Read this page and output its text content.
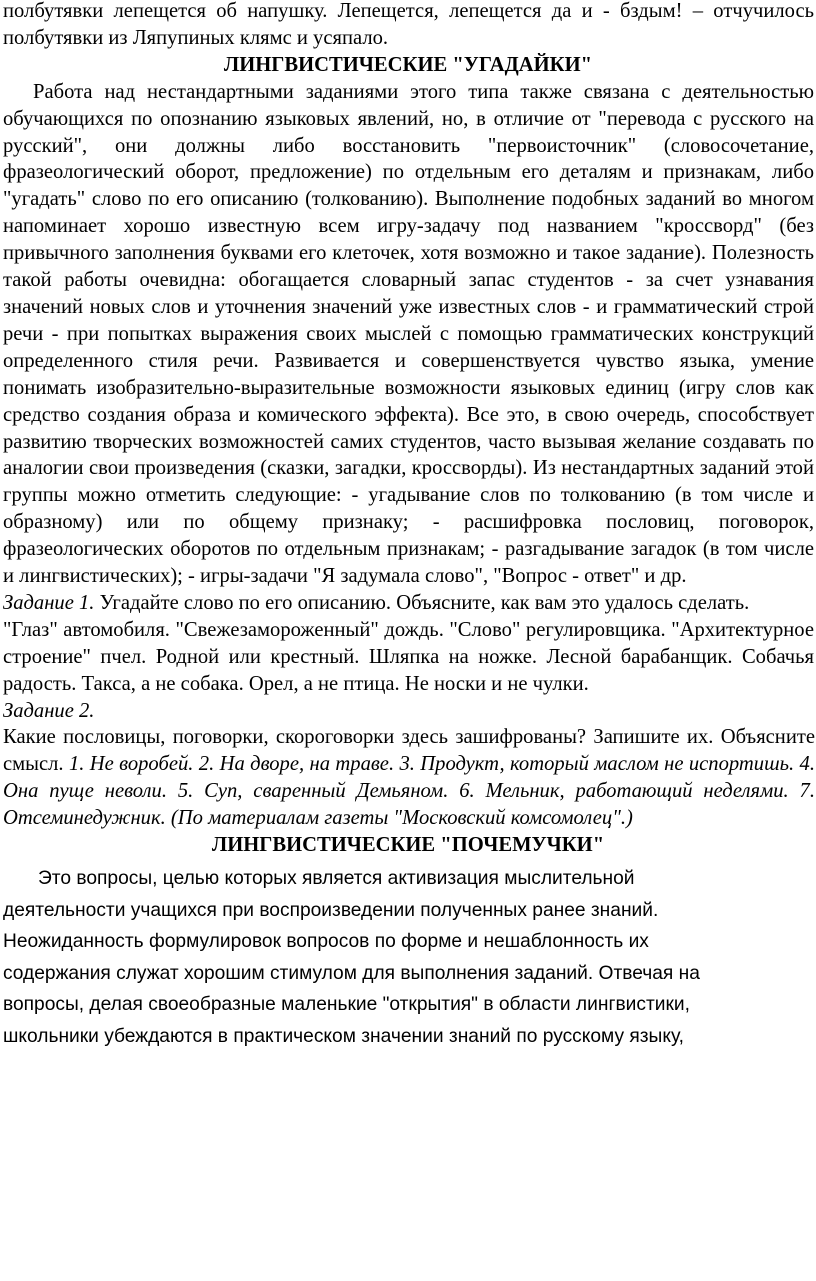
полбутявки лепещется об напушку. Лепещется, лепещется да и - бздым! – отчучилось полбутявки из Ляпупиных клямс и усяпало.

ЛИНГВИСТИЧЕСКИЕ "УГАДАЙКИ"

Работа над нестандартными заданиями этого типа также связана с деятельностью обучающихся по опознанию языковых явлений, но, в отличие от "перевода с русского на русский", они должны либо восстановить "первоисточник" (словосочетание, фразеологический оборот, предложение) по отдельным его деталям и признакам, либо "угадать" слово по его описанию (толкованию). Выполнение подобных заданий во многом напоминает хорошо известную всем игру-задачу под названием "кроссворд" (без привычного заполнения буквами его клеточек, хотя возможно и такое задание). Полезность такой работы очевидна: обогащается словарный запас студентов - за счет узнавания значений новых слов и уточнения значений уже известных слов - и грамматический строй речи - при попытках выражения своих мыслей с помощью грамматических конструкций определенного стиля речи. Развивается и совершенствуется чувство языка, умение понимать изобразительно-выразительные возможности языковых единиц (игру слов как средство создания образа и комического эффекта). Все это, в свою очередь, способствует развитию творческих возможностей самих студентов, часто вызывая желание создавать по аналогии свои произведения (сказки, загадки, кроссворды). Из нестандартных заданий этой группы можно отметить следующие: - угадывание слов по толкованию (в том числе и образному) или по общему признаку; - расшифровка пословиц, поговорок, фразеологических оборотов по отдельным признакам; - разгадывание загадок (в том числе и лингвистических); - игры-задачи "Я задумала слово", "Вопрос - ответ" и др.

Задание 1. Угадайте слово по его описанию. Объясните, как вам это удалось сделать.

"Глаз" автомобиля. "Свежезамороженный" дождь. "Слово" регулировщика. "Архитектурное строение" пчел. Родной или крестный. Шляпка на ножке. Лесной барабанщик. Собачья радость. Такса, а не собака. Орел, а не птица. Не носки и не чулки.

Задание 2.

Какие пословицы, поговорки, скороговорки здесь зашифрованы? Запишите их. Объясните смысл. 1. Не воробей. 2. На дворе, на траве. 3. Продукт, который маслом не испортишь. 4. Она пуще неволи. 5. Суп, сваренный Демьяном. 6. Мельник, работающий неделями. 7. Отсеминедужник. (По материалам газеты "Московский комсомолец".)

ЛИНГВИСТИЧЕСКИЕ "ПОЧЕМУЧКИ"

Это вопросы, целью которых является активизация мыслительной
деятельности учащихся при воспроизведении полученных ранее знаний.
Неожиданность формулировок вопросов по форме и нешаблонность их
содержания служат хорошим стимулом для выполнения заданий. Отвечая на
вопросы, делая своеобразные маленькие "открытия" в области лингвистики,
школьники убеждаются в практическом значении знаний по русскому языку,
